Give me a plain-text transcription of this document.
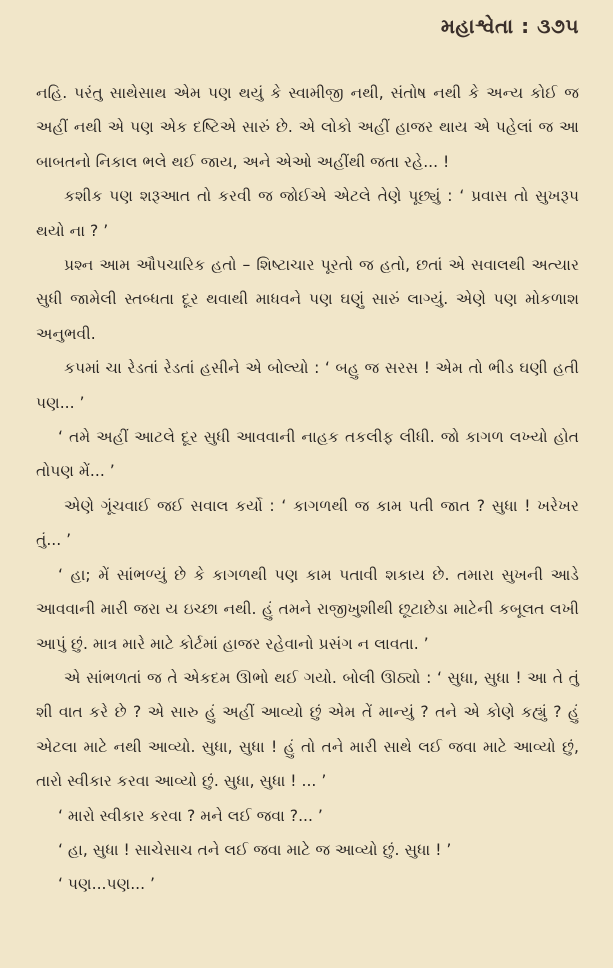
મહાશ્વેતા : ૩૭૫

નહિ. પરંતુ સાથેસાથ એમ પણ થયું કે સ્વામીજી નથી, સંતોષ નથી કે અન્ય કોઈ જ અહીં નથી એ પણ એક દષ્ટિએ સારું છે. એ લોકો અહીં હાજર થાય એ પહેલાં જ આ બાબતનો નિકાલ ભલે થઈ જાય, અને એઓ અહીંથી જતા રહે... !

કશીક પણ શરૂઆત તો કરવી જ જોઈએ એટલે તેણે પૂછ્યું : ‘ પ્રવાસ તો સુખરૂપ થયો ના ? ’

પ્રશ્ન આમ ઔપચારિક હતો – શિષ્ટાચાર પૂરતો જ હતો, છતાં એ સવાલથી અત્યાર સુધી જામેલી સ્તબ્ધતા દૂર થવાથી માધવને પણ ઘણું સારું લાગ્યું. એણે પણ મોકળાશ અનુભવી.

કપમાં ચા રેડતાં રેડતાં હસીને એ બોલ્યો : ‘ બહુ જ સરસ ! એમ તો ભીડ ઘણી હતી પણ... ’

‘ તમે અહીં આટલે દૂર સુધી આવવાની નાહક તકલીફ લીધી. જો કાગળ લખ્યો હોત તોપણ મેં... ’

એણે ગૂંચવાઈ જઈ સવાલ કર્યો : ‘ કાગળથી જ કામ પતી જાત ? સુધા ! ખરેખર તું... ’

‘ હા; મેં સાંભળ્યું છે કે કાગળથી પણ કામ પતાવી શકાય છે. તમારા સુખની આડે આવવાની મારી જરા ય ઇચ્છા નથી. હું તમને રાજીખુશીથી છૂટાછેડા માટેની કબૂલત લખી આપું છું. માત્ર મારે માટે કોર્ટમાં હાજર રહેવાનો પ્રસંગ ન લાવતા. ’

એ સાંભળતાં જ તે એકદમ ઊભો થઈ ગયો. બોલી ઊઠ્યો : ‘ સુધા, સુધા ! આ તે તું શી વાત કરે છે ? એ સારુ હું અહીં આવ્યો છું એમ તેં માન્યું ? તને એ કોણે કહ્યું ? હું એટલા માટે નથી આવ્યો. સુધા, સુધા ! હું તો તને મારી સાથે લઈ જવા માટે આવ્યો છું, તારો સ્વીકાર કરવા આવ્યો છું. સુધા, સુધા ! ... ’

‘ મારો સ્વીકાર કરવા ? મને લઈ જવા ?... ’

‘ હા, સુધા ! સાચેસાચ તને લઈ જવા માટે જ આવ્યો છું. સુધા ! ’

‘ પણ...પણ... ’
